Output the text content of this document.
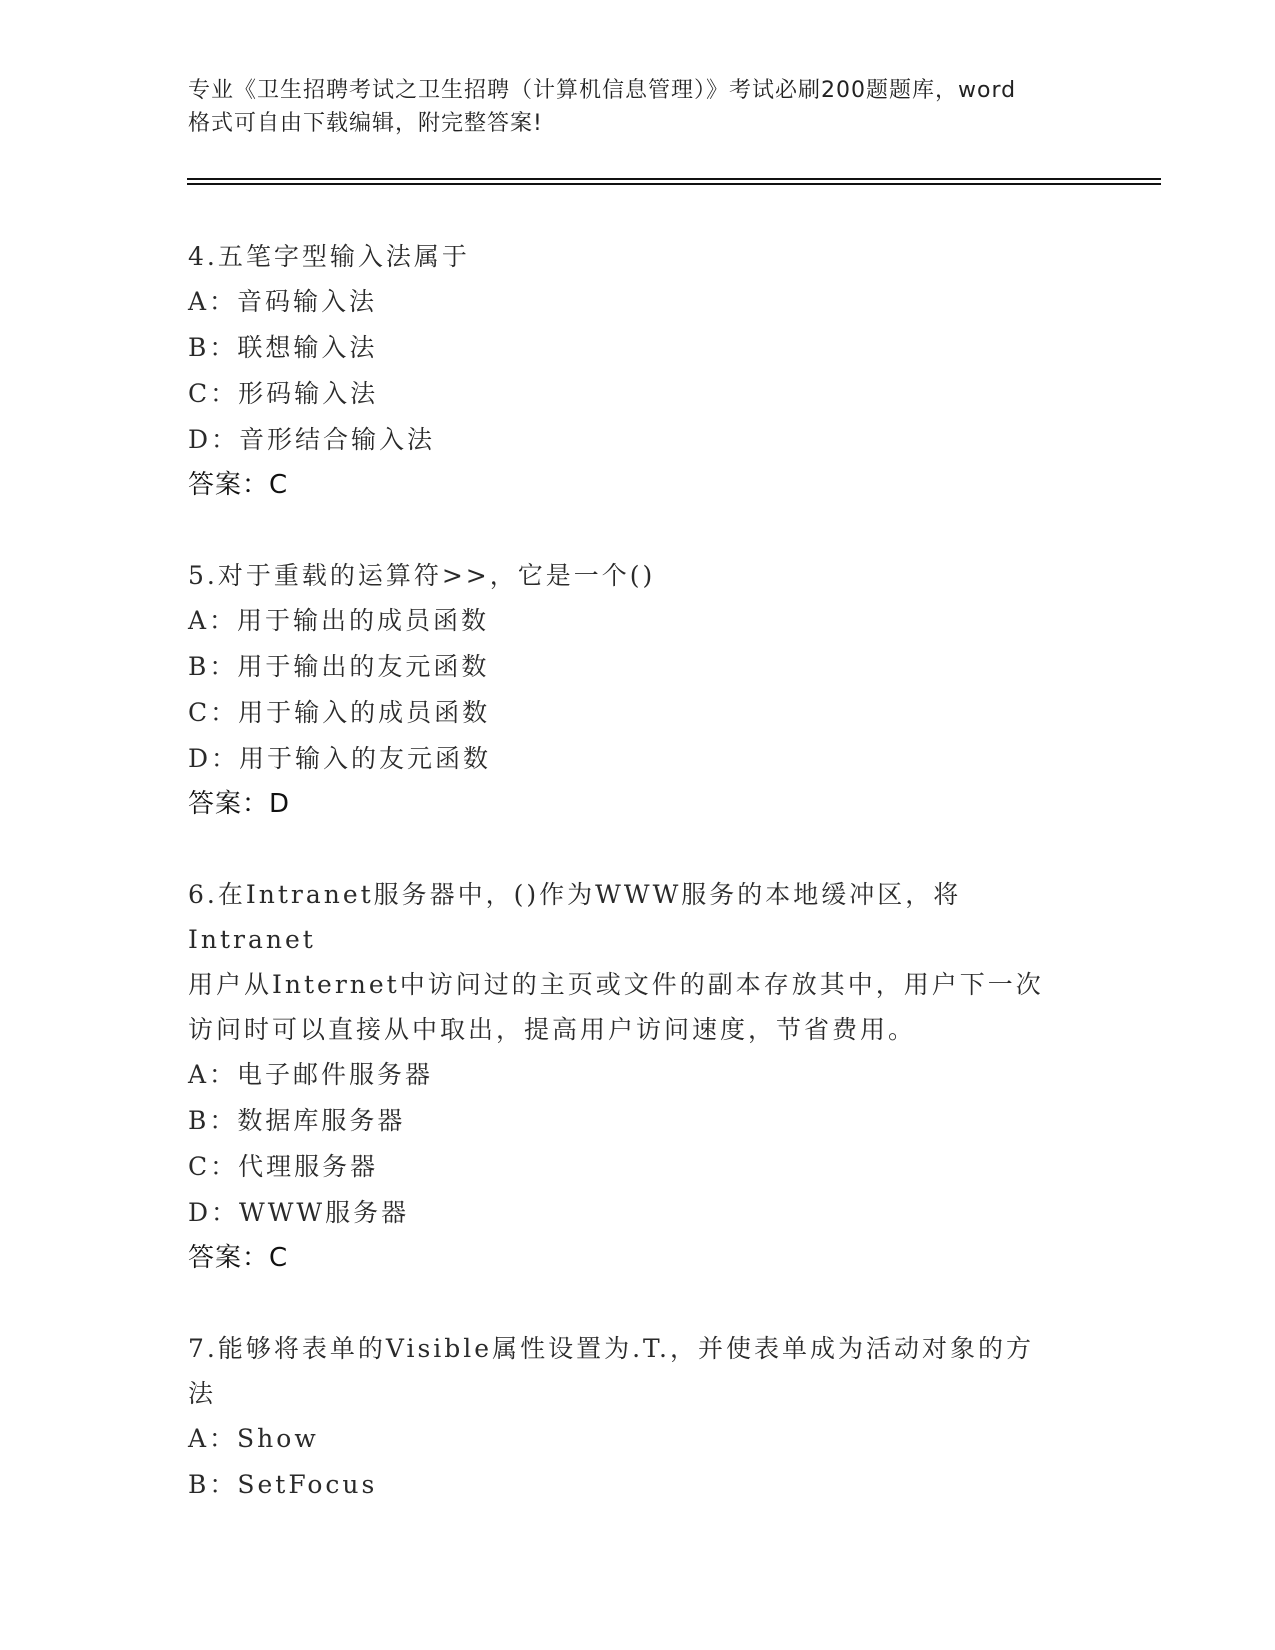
专业《卫生招聘考试之卫生招聘（计算机信息管理）》考试必刷200题题库，word
格式可自由下载编辑，附完整答案!
4.五笔字型输入法属于
A：音码输入法
B：联想输入法
C：形码输入法
D：音形结合输入法
答案：C
5.对于重载的运算符>>，它是一个()
A：用于输出的成员函数
B：用于输出的友元函数
C：用于输入的成员函数
D：用于输入的友元函数
答案：D
6.在Intranet服务器中，()作为WWW服务的本地缓冲区，将Intranet
用户从Internet中访问过的主页或文件的副本存放其中，用户下一次
访问时可以直接从中取出，提高用户访问速度，节省费用。
A：电子邮件服务器
B：数据库服务器
C：代理服务器
D：WWW服务器
答案：C
7.能够将表单的Visible属性设置为.T.，并使表单成为活动对象的方
法
A：Show
B：SetFocus
